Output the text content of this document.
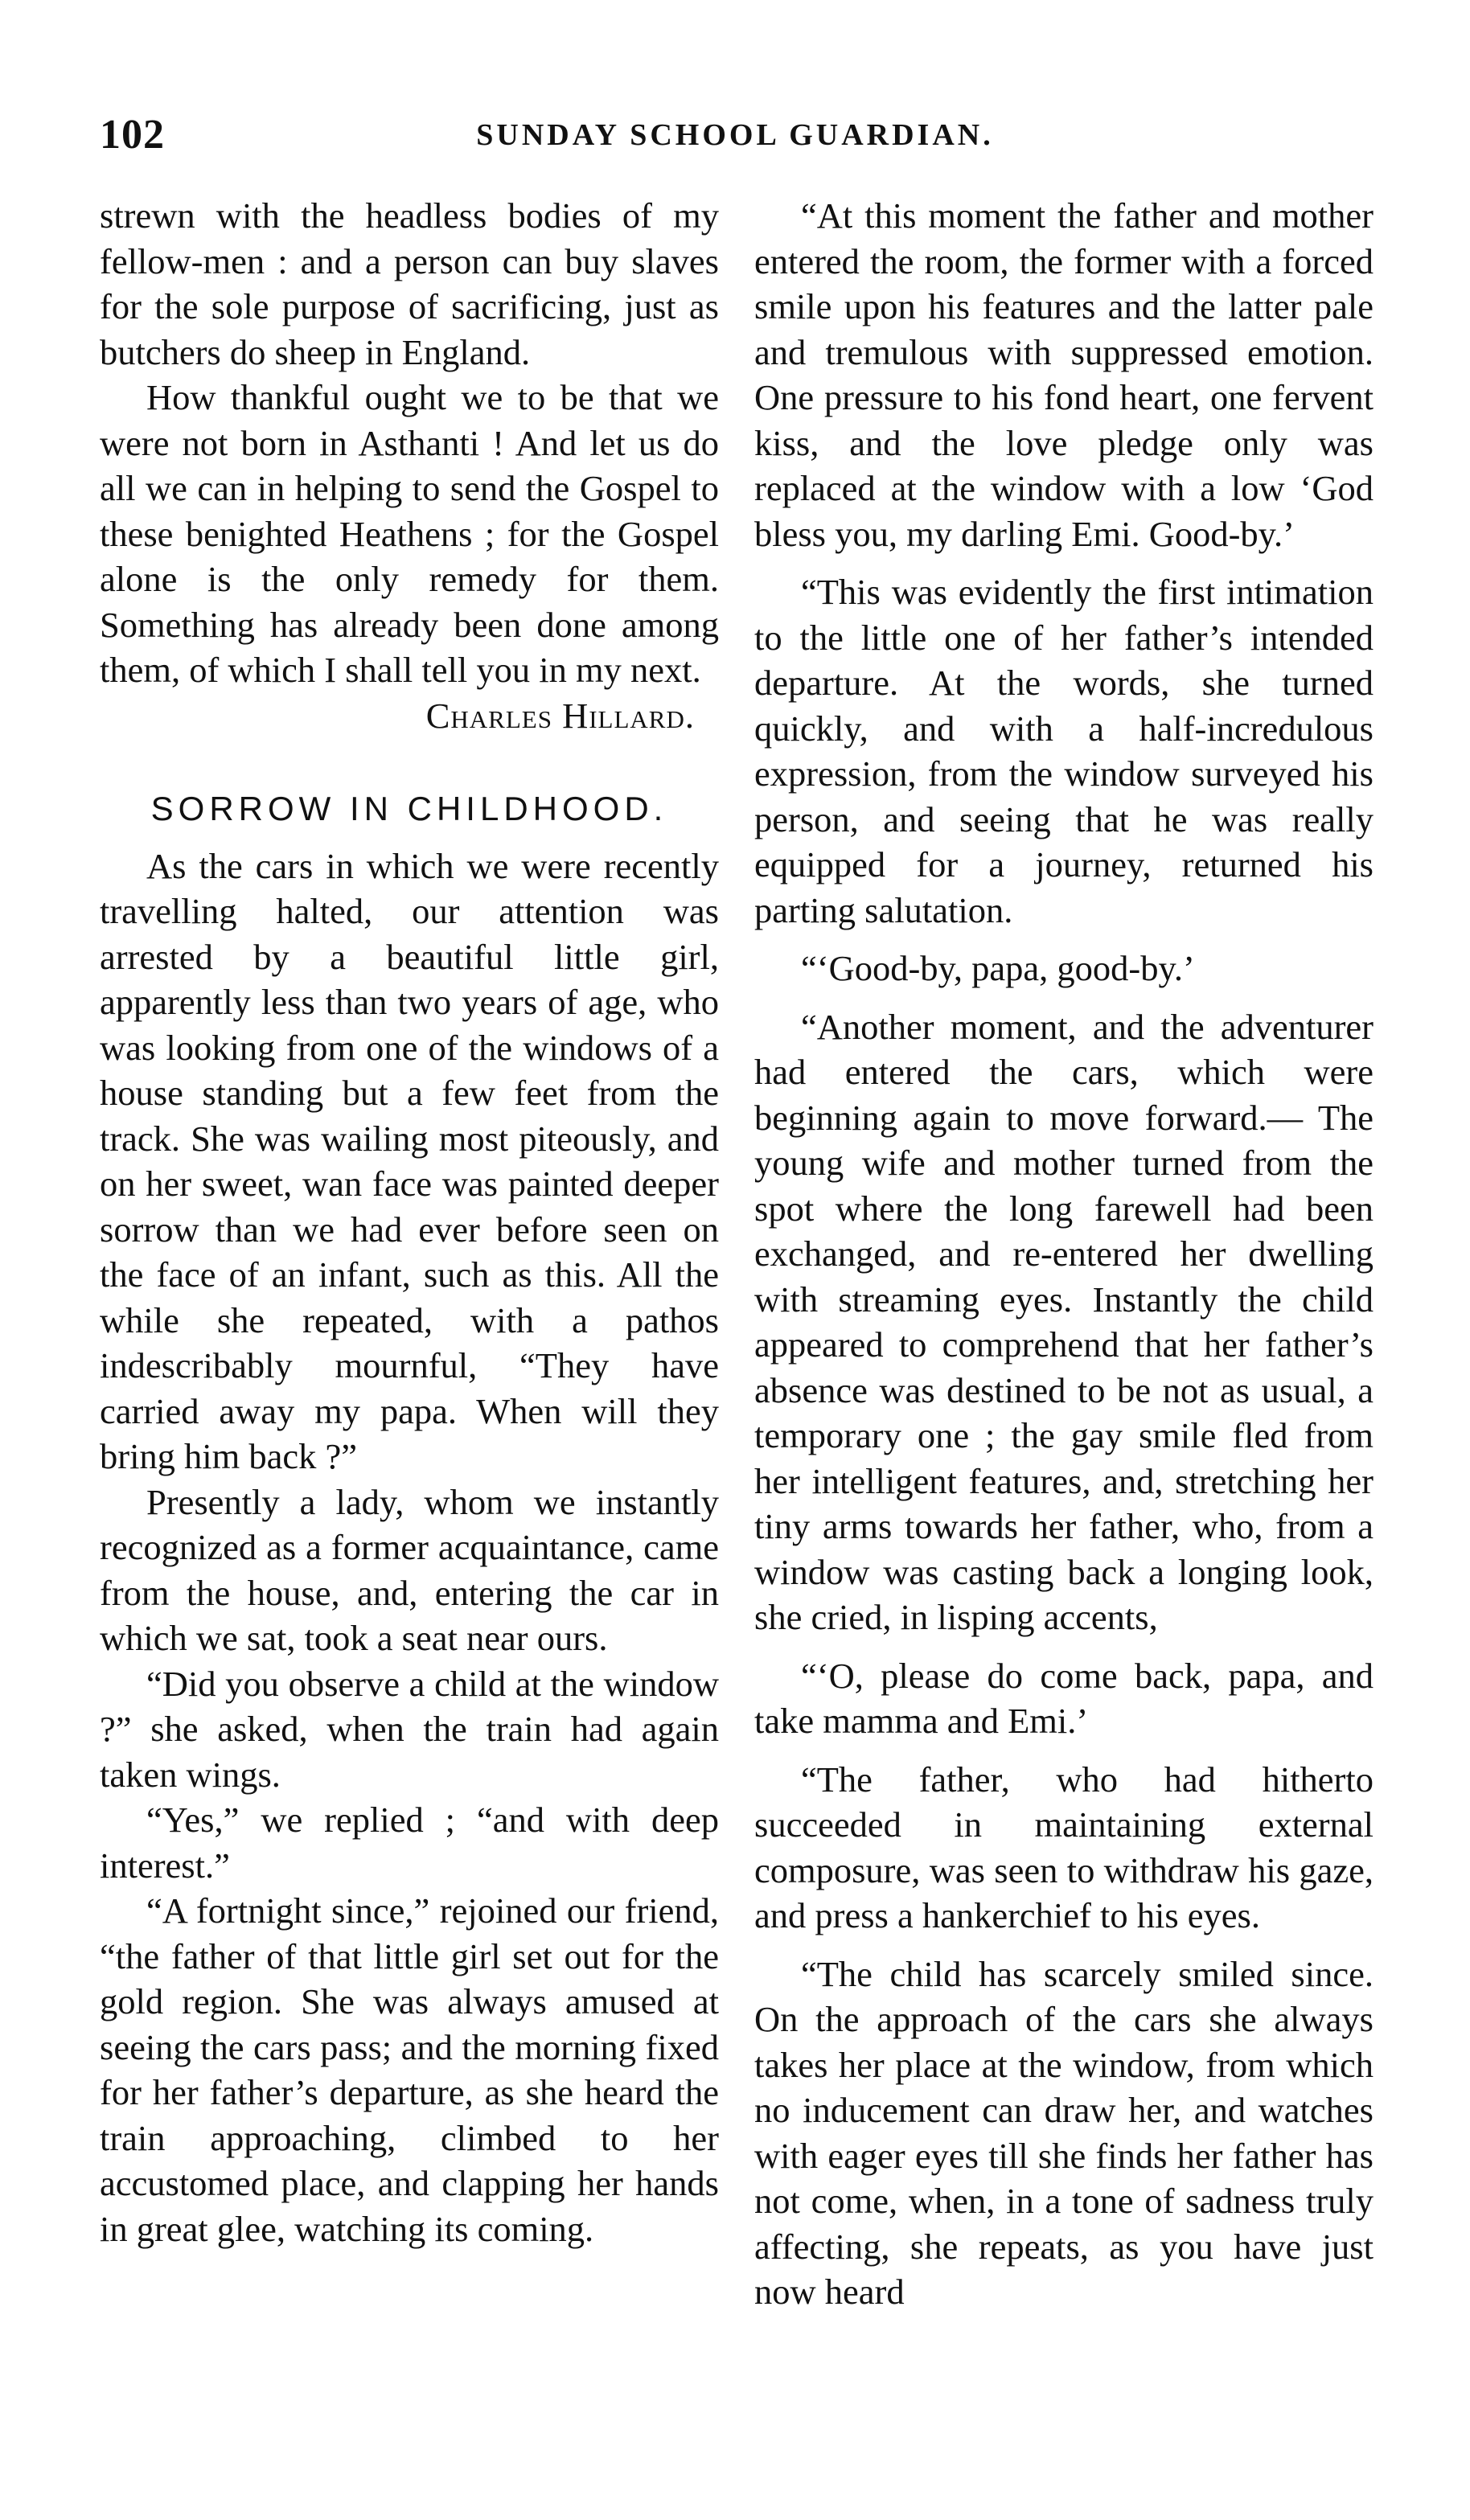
102	SUNDAY SCHOOL GUARDIAN.

strewn with the headless bodies of my fellow-men : and a person can buy slaves for the sole purpose of sacrificing, just as butchers do sheep in England.

How thankful ought we to be that we were not born in Asthanti ! And let us do all we can in helping to send the Gospel to these benighted Heathens ; for the Gospel alone is the only remedy for them. Something has already been done among them, of which I shall tell you in my next.

Charles Hillard.

SORROW IN CHILDHOOD.

As the cars in which we were recently travelling halted, our attention was arrested by a beautiful little girl, apparently less than two years of age, who was looking from one of the windows of a house standing but a few feet from the track. She was wailing most piteously, and on her sweet, wan face was painted deeper sorrow than we had ever before seen on the face of an infant, such as this. All the while she repeated, with a pathos indescribably mournful, “They have carried away my papa. When will they bring him back ?”

Presently a lady, whom we instantly recognized as a former acquaintance, came from the house, and, entering the car in which we sat, took a seat near ours.

“Did you observe a child at the window ?” she asked, when the train had again taken wings.

“Yes,” we replied ; “and with deep interest.”

“A fortnight since,” rejoined our friend, “the father of that little girl set out for the gold region. She was always amused at seeing the cars pass; and the morning fixed for her father’s departure, as she heard the train approaching, climbed to her accustomed place, and clapping her hands in great glee, watching its coming.

“At this moment the father and mother entered the room, the former with a forced smile upon his features and the latter pale and tremulous with suppressed emotion. One pressure to his fond heart, one fervent kiss, and the love pledge only was replaced at the window with a low ‘God bless you, my darling Emi. Good-by.’

“This was evidently the first intimation to the little one of her father’s intended departure. At the words, she turned quickly, and with a half-incredulous expression, from the window surveyed his person, and seeing that he was really equipped for a journey, returned his parting salutation.

“‘Good-by, papa, good-by.’

“Another moment, and the adventurer had entered the cars, which were beginning again to move forward.— The young wife and mother turned from the spot where the long farewell had been exchanged, and re-entered her dwelling with streaming eyes. Instantly the child appeared to comprehend that her father’s absence was destined to be not as usual, a temporary one ; the gay smile fled from her intelligent features, and, stretching her tiny arms towards her father, who, from a window was casting back a longing look, she cried, in lisping accents,

“‘O, please do come back, papa, and take mamma and Emi.’

“The father, who had hitherto succeeded in maintaining external composure, was seen to withdraw his gaze, and press a hankerchief to his eyes.

“The child has scarcely smiled since. On the approach of the cars she always takes her place at the window, from which no inducement can draw her, and watches with eager eyes till she finds her father has not come, when, in a tone of sadness truly affecting, she repeats, as you have just now heard
